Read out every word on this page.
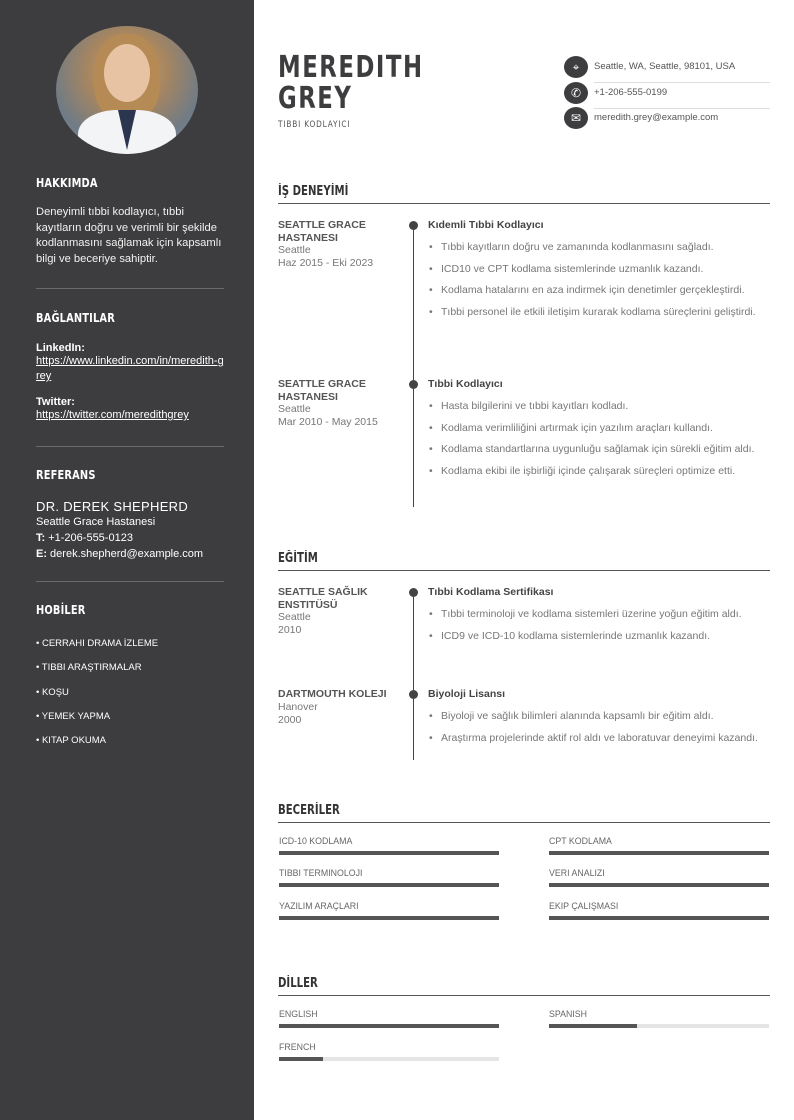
HAKKIMDA
Deneyimli tıbbi kodlayıcı, tıbbi kayıtların doğru ve verimli bir şekilde kodlanmasını sağlamak için kapsamlı bilgi ve beceriye sahiptir.
BAĞLANTILAR
LinkedIn:
https://www.linkedin.com/in/meredith-grey
Twitter:
https://twitter.com/meredithgrey
REFERANS
DR. DEREK SHEPHERD
Seattle Grace Hastanesi
T: +1-206-555-0123
E: derek.shepherd@example.com
HOBİLER
• CERRAHI DRAMA İZLEME
• TIBBI ARAŞTIRMALAR
• KOŞU
• YEMEK YAPMA
• KITAP OKUMA
MEREDITH
GREY
TIBBI KODLAYICI
⌖	Seattle, WA, Seattle, 98101, USA
✆	+1-206-555-0199
✉	meredith.grey@example.com
İŞ DENEYİMİ
SEATTLE GRACE HASTANESI
Seattle
Haz 2015 - Eki 2023
Kıdemli Tıbbi Kodlayıcı
• Tıbbi kayıtların doğru ve zamanında kodlanmasını sağladı.
• ICD10 ve CPT kodlama sistemlerinde uzmanlık kazandı.
• Kodlama hatalarını en aza indirmek için denetimler gerçekleştirdi.
• Tıbbi personel ile etkili iletişim kurarak kodlama süreçlerini geliştirdi.
SEATTLE GRACE HASTANESI
Seattle
Mar 2010 - May 2015
Tıbbi Kodlayıcı
• Hasta bilgilerini ve tıbbi kayıtları kodladı.
• Kodlama verimliliğini artırmak için yazılım araçları kullandı.
• Kodlama standartlarına uygunluğu sağlamak için sürekli eğitim aldı.
• Kodlama ekibi ile işbirliği içinde çalışarak süreçleri optimize etti.
EĞİTİM
SEATTLE SAĞLIK ENSTITÜSÜ
Seattle
2010
Tıbbi Kodlama Sertifikası
• Tıbbi terminoloji ve kodlama sistemleri üzerine yoğun eğitim aldı.
• ICD9 ve ICD-10 kodlama sistemlerinde uzmanlık kazandı.
DARTMOUTH KOLEJI
Hanover
2000
Biyoloji Lisansı
• Biyoloji ve sağlık bilimleri alanında kapsamlı bir eğitim aldı.
• Araştırma projelerinde aktif rol aldı ve laboratuvar deneyimi kazandı.
BECERİLER
ICD-10 KODLAMA	CPT KODLAMA
TIBBI TERMINOLOJI	VERI ANALIZI
YAZILIM ARAÇLARI	EKIP ÇALIŞMASI
DİLLER
ENGLISH	SPANISH
FRENCH
